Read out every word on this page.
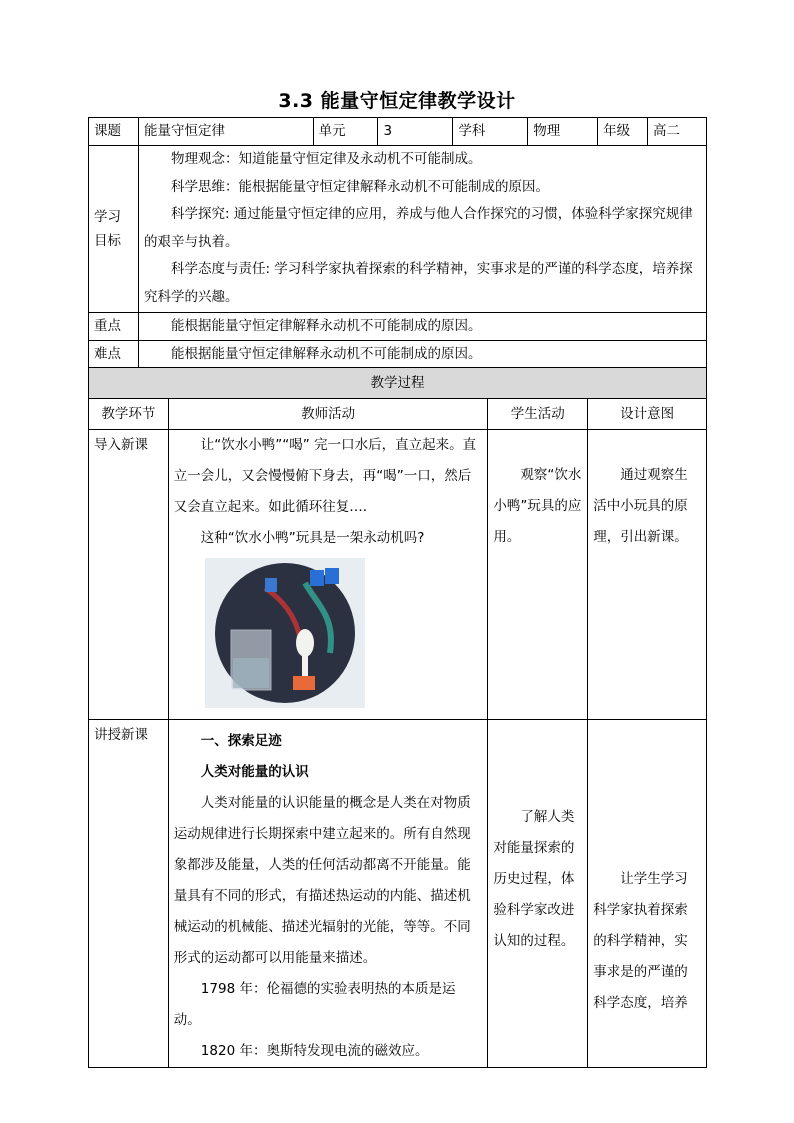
3.3 能量守恒定律教学设计
课题	能量守恒定律	单元	3	学科	物理	年级	高二

学习目标	物理观念：知道能量守恒定律及永动机不可能制成。

科学思维：能根据能量守恒定律解释永动机不可能制成的原因。

科学探究: 通过能量守恒定律的应用，养成与他人合作探究的习惯，体验科学家探究规律的艰辛与执着。

科学态度与责任: 学习科学家执着探索的科学精神，实事求是的严谨的科学态度，培养探究科学的兴趣。						

重点	能根据能量守恒定律解释永动机不可能制成的原因。						
难点	能根据能量守恒定律解释永动机不可能制成的原因。						
教学过程			
教学环节	教师活动	学生活动	设计意图
导入新课	让“饮水小鸭”“喝” 完一口水后，直立起来。直立一会儿，又会慢慢俯下身去，再“喝”一口，然后又会直立起来。如此循环往复….

这种“饮水小鸭”玩具是一架永动机吗?	观察“饮水小鸭”玩具的应用。	通过观察生活中小玩具的原理，引出新课。

讲授新课	一、探索足迹

人类对能量的认识

人类对能量的认识能量的概念是人类在对物质运动规律进行长期探索中建立起来的。所有自然现象都涉及能量，人类的任何活动都离不开能量。能量具有不同的形式，有描述热运动的内能、描述机械运动的机械能、描述光辐射的光能，等等。不同形式的运动都可以用能量来描述。

1798 年：伦福德的实验表明热的本质是运动。

1820 年：奥斯特发现电流的磁效应。	了解人类对能量探索的历史过程，体验科学家改进认知的过程。	让学生学习科学家执着探索的科学精神，实事求是的严谨的科学态度，培养
